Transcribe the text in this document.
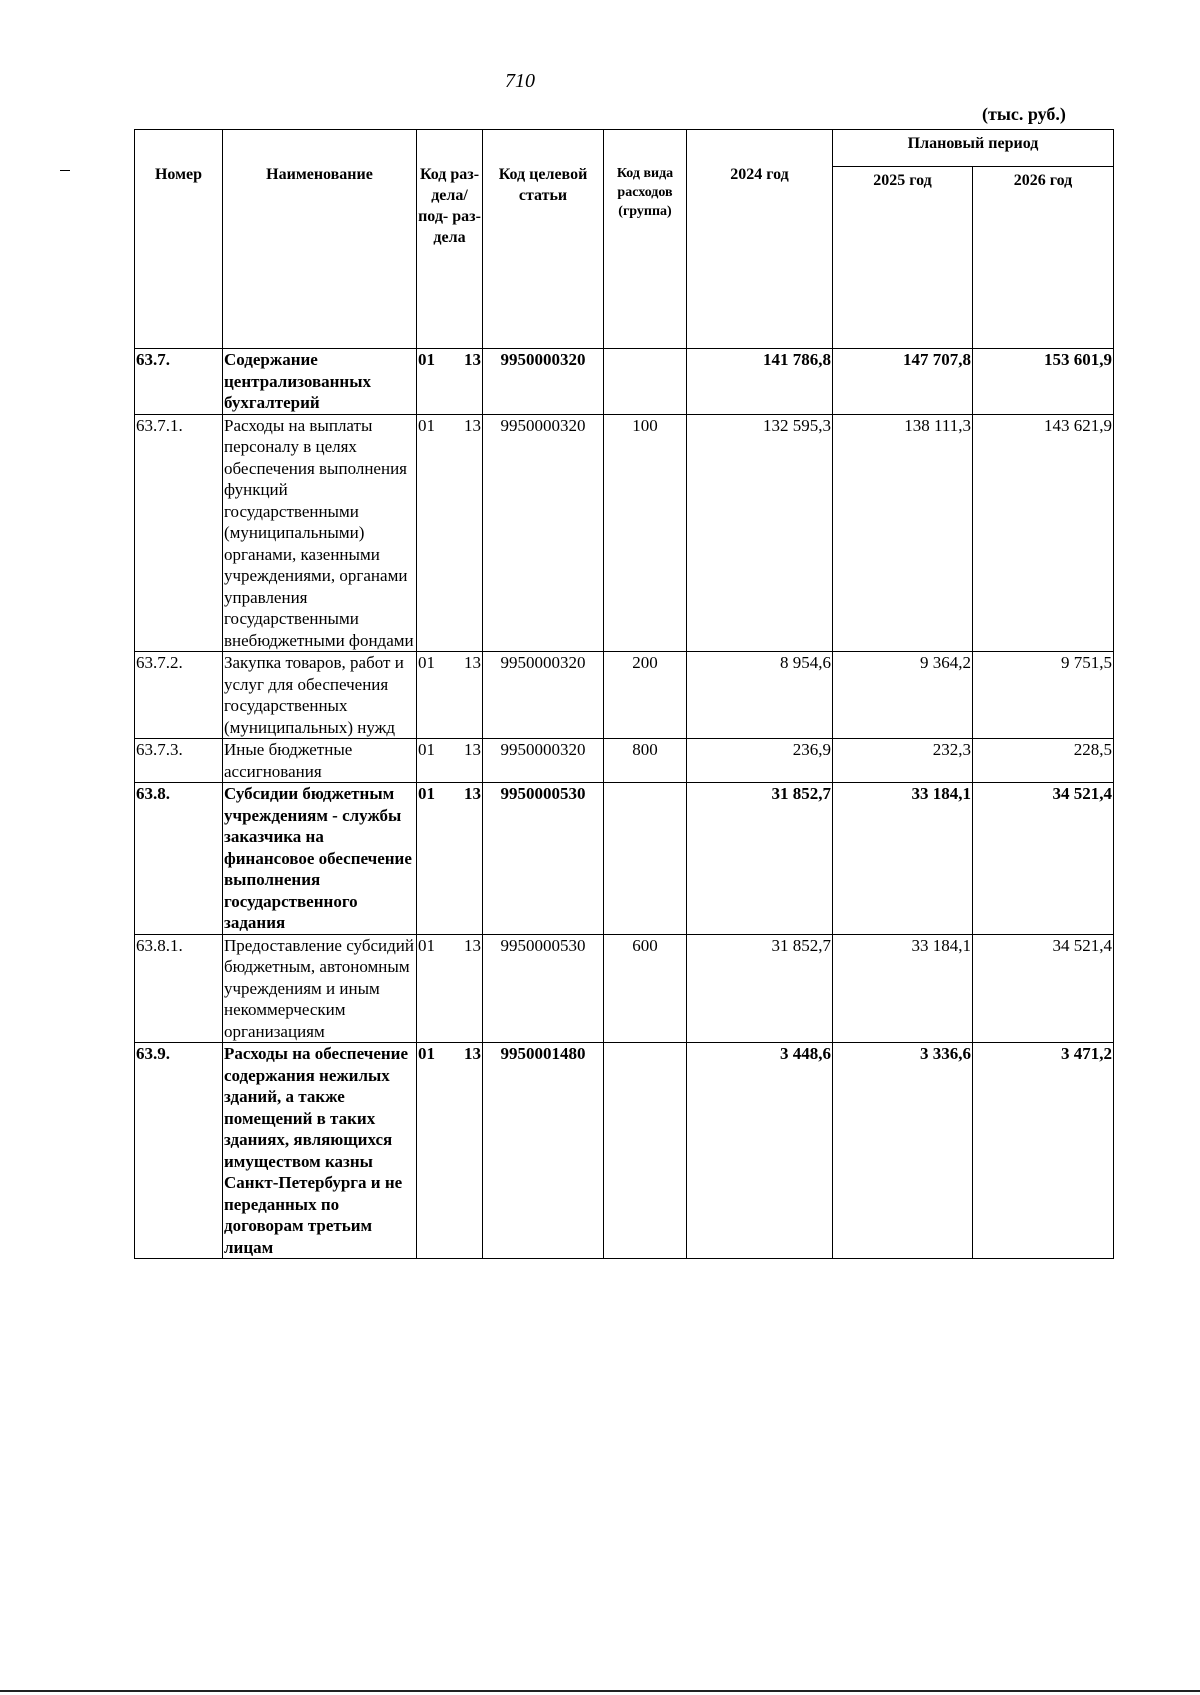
710
(тыс. руб.)
Номер	Наименование	Код раз- дела/ под- раз- дела	Код целевой статьи	Код вида расходов (группа)	2024 год	Плановый период	
						2025 год	2026 год
63.7.	Содержание централизованных бухгалтерий	01 13	9950000320		141 786,8	147 707,8	153 601,9
63.7.1.	Расходы на выплаты персоналу в целях обеспечения выполнения функций государственными (муниципальными) органами, казенными учреждениями, органами управления государственными внебюджетными фондами	01 13	9950000320	100	132 595,3	138 111,3	143 621,9
63.7.2.	Закупка товаров, работ и услуг для обеспечения государственных (муниципальных) нужд	01 13	9950000320	200	8 954,6	9 364,2	9 751,5
63.7.3.	Иные бюджетные ассигнования	01 13	9950000320	800	236,9	232,3	228,5
63.8.	Субсидии бюджетным учреждениям - службы заказчика на финансовое обеспечение выполнения государственного задания	01 13	9950000530		31 852,7	33 184,1	34 521,4
63.8.1.	Предоставление субсидий бюджетным, автономным учреждениям и иным некоммерческим организациям	01 13	9950000530	600	31 852,7	33 184,1	34 521,4
63.9.	Расходы на обеспечение содержания нежилых зданий, а также помещений в таких зданиях, являющихся имуществом казны Санкт-Петербурга и не переданных по договорам третьим лицам	01 13	9950001480		3 448,6	3 336,6	3 471,2
